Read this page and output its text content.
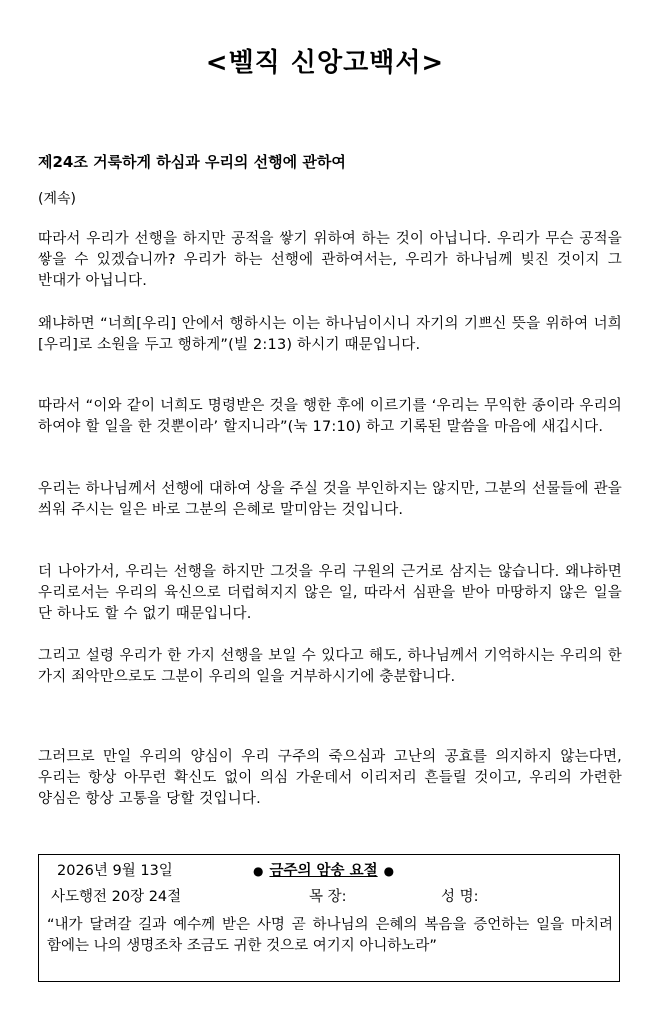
<벨직 신앙고백서>
제24조 거룩하게 하심과 우리의 선행에 관하여
(계속)

따라서 우리가 선행을 하지만 공적을 쌓기 위하여 하는 것이 아닙니다. 우리가 무슨 공적을 쌓을 수 있겠습니까? 우리가 하는 선행에 관하여서는, 우리가 하나님께 빚진 것이지 그 반대가 아닙니다.

왜냐하면 “너희[우리] 안에서 행하시는 이는 하나님이시니 자기의 기쁘신 뜻을 위하여 너희[우리]로 소원을 두고 행하게”(빌 2:13) 하시기 때문입니다.

따라서 “이와 같이 너희도 명령받은 것을 행한 후에 이르기를 ‘우리는 무익한 종이라 우리의 하여야 할 일을 한 것뿐이라’ 할지니라”(눅 17:10) 하고 기록된 말씀을 마음에 새깁시다.

우리는 하나님께서 선행에 대하여 상을 주실 것을 부인하지는 않지만, 그분의 선물들에 관을 씌워 주시는 일은 바로 그분의 은혜로 말미암는 것입니다.

더 나아가서, 우리는 선행을 하지만 그것을 우리 구원의 근거로 삼지는 않습니다. 왜냐하면 우리로서는 우리의 육신으로 더럽혀지지 않은 일, 따라서 심판을 받아 마땅하지 않은 일을 단 하나도 할 수 없기 때문입니다.

그리고 설령 우리가 한 가지 선행을 보일 수 있다고 해도, 하나님께서 기억하시는 우리의 한 가지 죄악만으로도 그분이 우리의 일을 거부하시기에 충분합니다.

그러므로 만일 우리의 양심이 우리 구주의 죽으심과 고난의 공효를 의지하지 않는다면, 우리는 항상 아무런 확신도 없이 의심 가운데서 이리저리 흔들릴 것이고, 우리의 가련한 양심은 항상 고통을 당할 것입니다.

2026년 9월 13일	● 금주의 암송 요절 ●
사도행전 20장 24절	목 장:	성 명:
“내가 달려갈 길과 예수께 받은 사명 곧 하나님의 은혜의 복음을 증언하는 일을 마치려 함에는 나의 생명조차 조금도 귀한 것으로 여기지 아니하노라”
